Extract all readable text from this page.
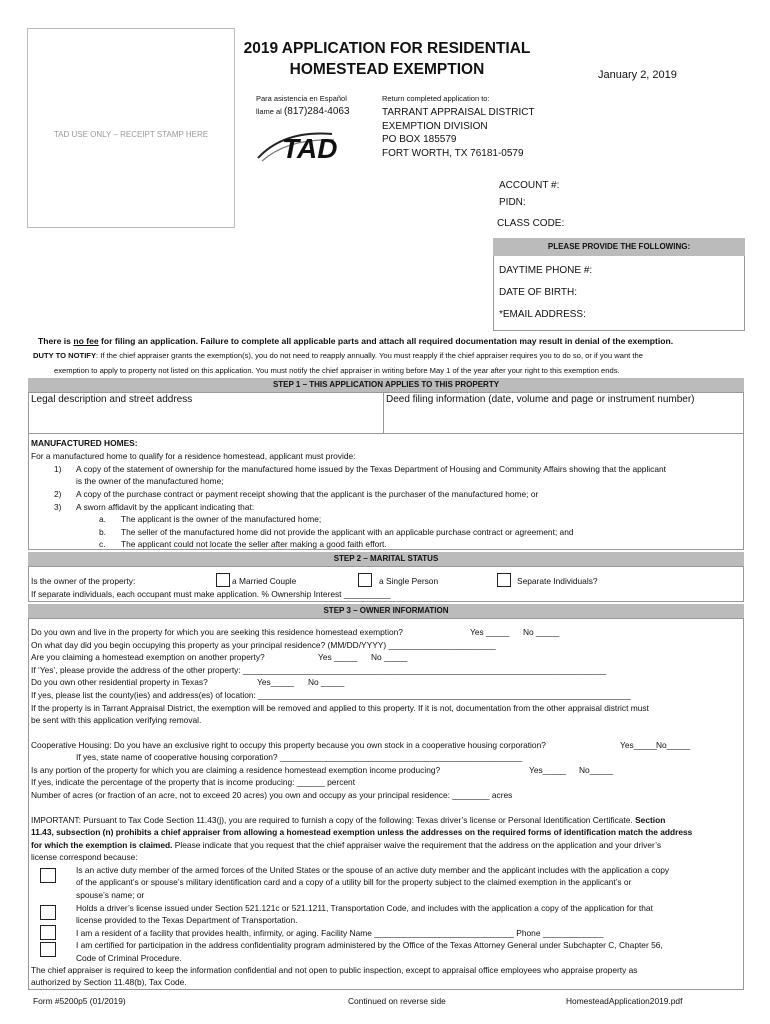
TAD USE ONLY – RECEIPT STAMP HERE
2019 APPLICATION FOR RESIDENTIAL
HOMESTEAD EXEMPTION	January 2, 2019
Para asistencia en Español
llame al (817)284-4063
TAD
Return completed application to:
TARRANT APPRAISAL DISTRICT
EXEMPTION DIVISION
PO BOX 185579
FORT WORTH, TX 76181-0579
ACCOUNT #:
PIDN:
CLASS CODE:
PLEASE PROVIDE THE FOLLOWING:
DAYTIME PHONE #:
DATE OF BIRTH:
*EMAIL ADDRESS:
There is no fee for filing an application. Failure to complete all applicable parts and attach all required documentation may result in denial of the exemption.
DUTY TO NOTIFY: If the chief appraiser grants the exemption(s), you do not need to reapply annually. You must reapply if the chief appraiser requires you to do so, or if you want the
exemption to apply to property not listed on this application. You must notify the chief appraiser in writing before May 1 of the year after your right to this exemption ends.
STEP 1 – THIS APPLICATION APPLIES TO THIS PROPERTY
Legal description and street address	Deed filing information (date, volume and page or instrument number)
MANUFACTURED HOMES:
For a manufactured home to qualify for a residence homestead, applicant must provide:
1) A copy of the statement of ownership for the manufactured home issued by the Texas Department of Housing and Community Affairs showing that the applicant
is the owner of the manufactured home;
2) A copy of the purchase contract or payment receipt showing that the applicant is the purchaser of the manufactured home; or
3) A sworn affidavit by the applicant indicating that:
a. The applicant is the owner of the manufactured home;
b. The seller of the manufactured home did not provide the applicant with an applicable purchase contract or agreement; and
c. The applicant could not locate the seller after making a good faith effort.
STEP 2 – MARITAL STATUS
Is the owner of the property:	a Married Couple	a Single Person	Separate Individuals?
If separate individuals, each occupant must make application. % Ownership Interest __________
STEP 3 – OWNER INFORMATION
Do you own and live in the property for which you are seeking this residence homestead exemption?	Yes _____ No _____
On what day did you begin occupying this property as your principal residence? (MM/DD/YYYY) _______________________
Are you claiming a homestead exemption on another property?	Yes _____ No _____
If ‘Yes’, please provide the address of the other property: ______________________________________________________________________________
Do you own other residential property in Texas?	Yes_____ No _____
If yes, please list the county(ies) and address(es) of location: ________________________________________________________________________________
If the property is in Tarrant Appraisal District, the exemption will be removed and applied to this property. If it is not, documentation from the other appraisal district must
be sent with this application verifying removal.
Cooperative Housing: Do you have an exclusive right to occupy this property because you own stock in a cooperative housing corporation?	Yes_____ No_____
If yes, state name of cooperative housing corporation? ____________________________________________________
Is any portion of the property for which you are claiming a residence homestead exemption income producing?	Yes_____ No_____
If yes, indicate the percentage of the property that is income producing: ______ percent
Number of acres (or fraction of an acre, not to exceed 20 acres) you own and occupy as your principal residence: ________ acres
IMPORTANT: Pursuant to Tax Code Section 11.43(j), you are required to furnish a copy of the following: Texas driver’s license or Personal Identification Certificate. Section
11.43, subsection (n) prohibits a chief appraiser from allowing a homestead exemption unless the addresses on the required forms of identification match the address
for which the exemption is claimed. Please indicate that you request that the chief appraiser waive the requirement that the address on the application and your driver’s
license correspond because:
Is an active duty member of the armed forces of the United States or the spouse of an active duty member and the applicant includes with the application a copy
of the applicant’s or spouse’s military identification card and a copy of a utility bill for the property subject to the claimed exemption in the applicant’s or
spouse’s name; or
Holds a driver’s license issued under Section 521.121c or 521.1211, Transportation Code, and includes with the application a copy of the application for that
license provided to the Texas Department of Transportation.
I am a resident of a facility that provides health, infirmity, or aging. Facility Name ______________________________ Phone _____________
I am certified for participation in the address confidentiality program administered by the Office of the Texas Attorney General under Subchapter C, Chapter 56,
Code of Criminal Procedure.
The chief appraiser is required to keep the information confidential and not open to public inspection, except to appraisal office employees who appraise property as
authorized by Section 11.48(b), Tax Code.
Form #5200p5 (01/2019)	Continued on reverse side	HomesteadApplication2019.pdf
